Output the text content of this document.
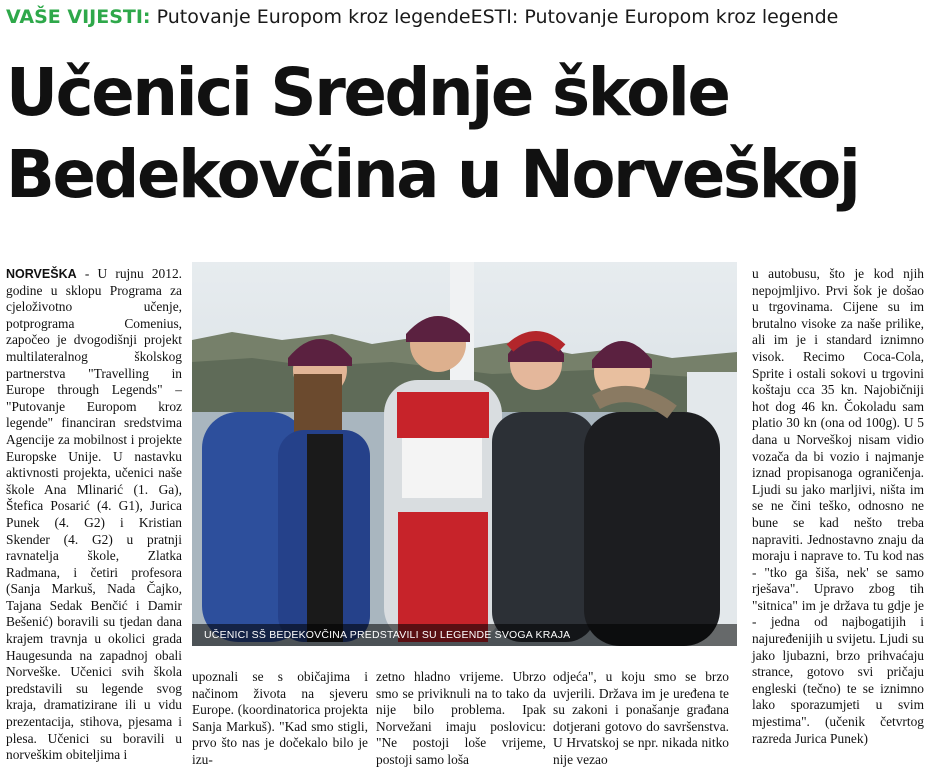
VAŠE VIJESTI: Putovanje Europom kroz legendeESTI: Putovanje Europom kroz legende
Učenici Srednje škole
Bedekovčina u Norveškoj
NORVEŠKA - U rujnu 2012. godine u sklopu Programa za cjeloživotno učenje, potprograma Comenius, započeo je dvogodišnji projekt multilateralnog školskog partnerstva "Travelling in Europe through Legends" – "Putovanje Europom kroz legende" financiran sredstvima Agencije za mobilnost i projekte Europske Unije. U nastavku aktivnosti projekta, učenici naše škole Ana Mlinarić (1. Ga), Štefica Posarić (4. G1), Jurica Punek (4. G2) i Kristian Skender (4. G2) u pratnji ravnatelja škole, Zlatka Radmana, i četiri profesora (Sanja Markuš, Nada Čajko, Tajana Sedak Benčić i Damir Bešenić) boravili su tjedan dana krajem travnja u okolici grada Haugesunda na zapadnoj obali Norveške. Učenici svih škola predstavili su legende svog kraja, dramatizirane ili u vidu prezentacija, stihova, pjesama i plesa. Učenici su boravili u norveškim obiteljima i
UČENICI SŠ BEDEKOVČINA PREDSTAVILI SU LEGENDE SVOGA KRAJA
upoznali se s običajima i načinom života na sjeveru Europe. (koordinatorica projekta Sanja Markuš). "Kad smo stigli, prvo što nas je dočekalo bilo je izu-
zetno hladno vrijeme. Ubrzo smo se priviknuli na to tako da nije bilo problema. Ipak Norvežani imaju poslovicu: "Ne postoji loše vrijeme, postoji samo loša
odjeća", u koju smo se brzo uvjerili. Država im je uređena te su zakoni i ponašanje građana dotjerani gotovo do savršenstva. U Hrvatskoj se npr. nikada nitko nije vezao
u autobusu, što je kod njih nepojmljivo. Prvi šok je došao u trgovinama. Cijene su im brutalno visoke za naše prilike, ali im je i standard iznimno visok. Recimo Coca-Cola, Sprite i ostali sokovi u trgovini koštaju cca 35 kn. Najobičniji hot dog 46 kn. Čokoladu sam platio 30 kn (ona od 100g). U 5 dana u Norveškoj nisam vidio vozača da bi vozio i najmanje iznad propisanoga ograničenja. Ljudi su jako marljivi, ništa im se ne čini teško, odnosno ne bune se kad nešto treba napraviti. Jednostavno znaju da moraju i naprave to. Tu kod nas - "tko ga šiša, nek' se samo rješava". Upravo zbog tih "sitnica" im je država tu gdje je - jedna od najbogatijih i najuređenijih u svijetu. Ljudi su jako ljubazni, brzo prihvaćaju strance, gotovo svi pričaju engleski (tečno) te se iznimno lako sporazumjeti u svim mjestima". (učenik četvrtog razreda Jurica Punek)
